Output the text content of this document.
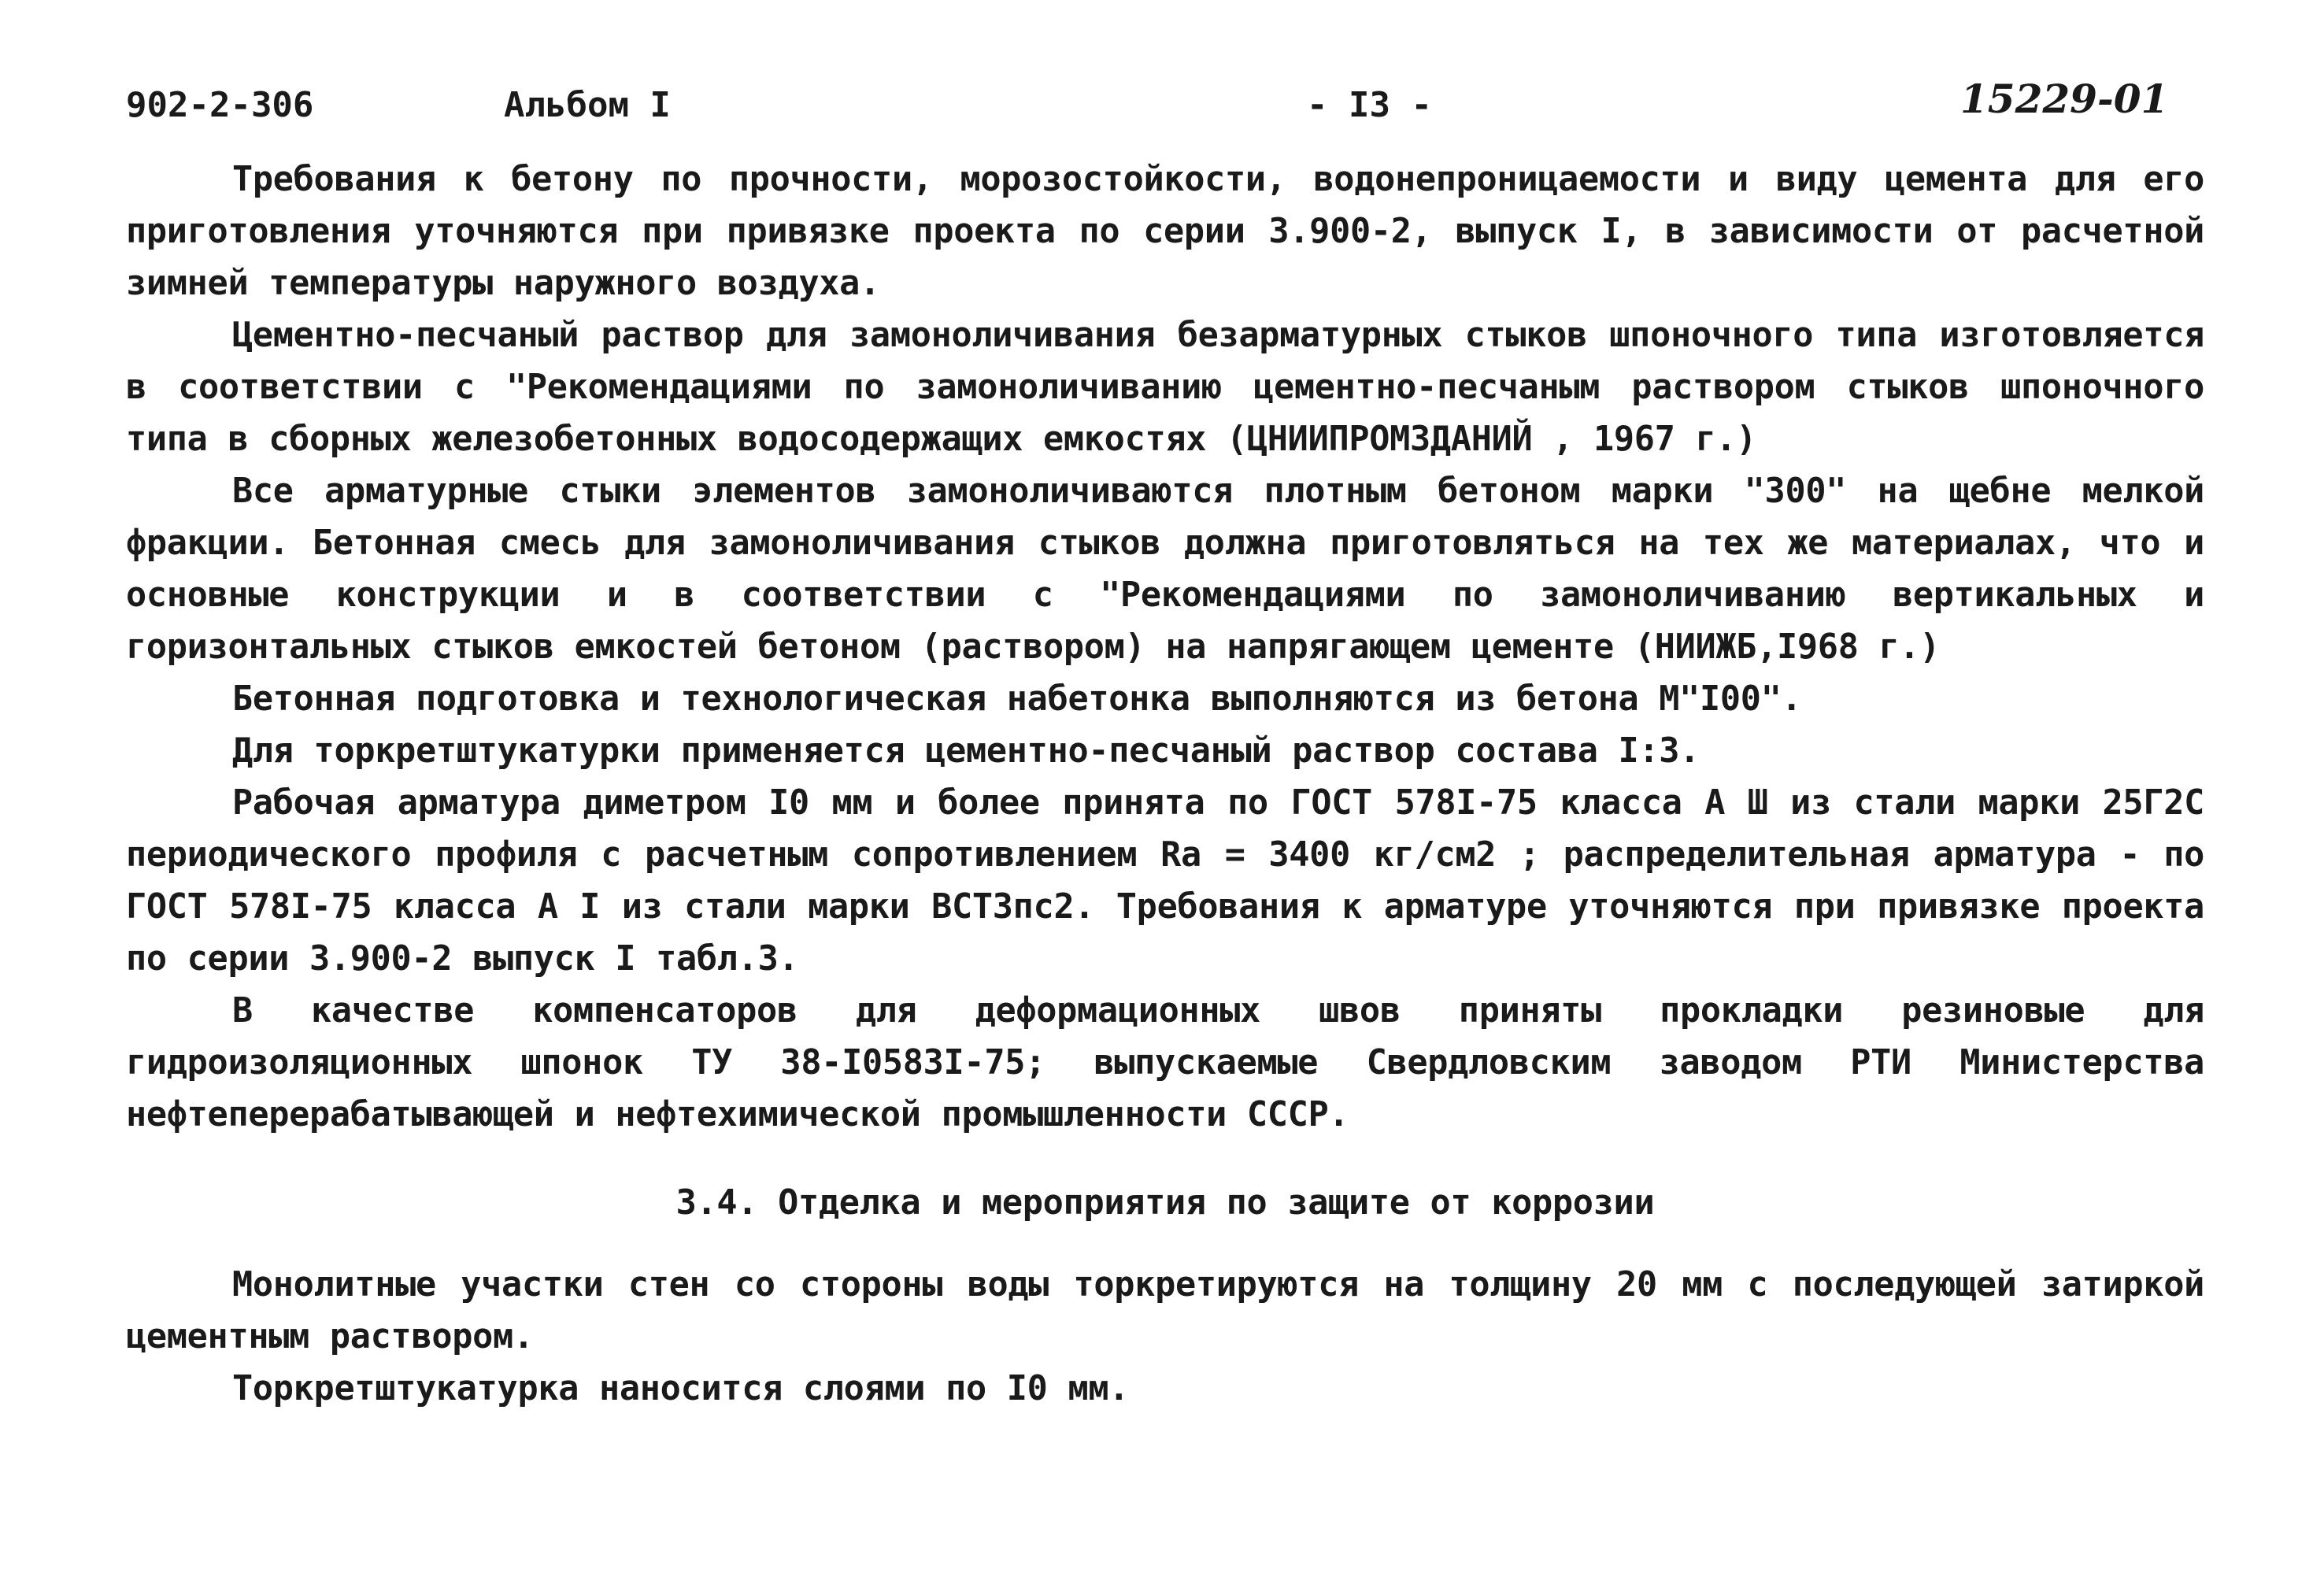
902-2-306	Альбом I	- I3 -	15229-01

Требования к бетону по прочности, морозостойкости, водонепроницаемости и виду цемента для его приготовления уточняются при привязке проекта по серии 3.900-2, выпуск I, в зависимости от расчетной зимней температуры наружного воздуха.

Цементно-песчаный раствор для замоноличивания безарматурных стыков шпоночного типа изготовляется в соответствии с "Рекомендациями по замоноличиванию цементно-песчаным раствором стыков шпоночного типа в сборных железобетонных водосодержащих емкостях (ЦНИИПРОМЗДАНИЙ , 1967 г.)

Все арматурные стыки элементов замоноличиваются плотным бетоном марки "300" на щебне мелкой фракции. Бетонная смесь для замоноличивания стыков должна приготовляться на тех же материалах, что и основные конструкции и в соответствии с "Рекомендациями по замоноличиванию вертикальных и горизонтальных стыков емкостей бетоном (раствором) на напрягающем цементе (НИИЖБ,I968 г.)

Бетонная подготовка и технологическая набетонка выполняются из бетона М"I00".

Для торкретштукатурки применяется цементно-песчаный раствор состава I:3.

Рабочая арматура диметром I0 мм и более принята по ГОСТ 578I-75 класса А Ш из стали марки 25Г2С периодического профиля с расчетным сопротивлением Rа = 3400 кг/см2 ; распределительная арматура - по ГОСТ 578I-75 класса А I из стали марки ВСТ3пс2. Требования к арматуре уточняются при привязке проекта по серии 3.900-2 выпуск I табл.3.

В качестве компенсаторов для деформационных швов приняты прокладки резиновые для гидроизоляционных шпонок ТУ 38-I0583I-75; выпускаемые Свердловским заводом РТИ Министерства нефтеперерабатывающей и нефтехимической промышленности СССР.

3.4. Отделка и мероприятия по защите от коррозии

Монолитные участки стен со стороны воды торкретируются на толщину 20 мм с последующей затиркой цементным раствором.

Торкретштукатурка наносится слоями по I0 мм.
